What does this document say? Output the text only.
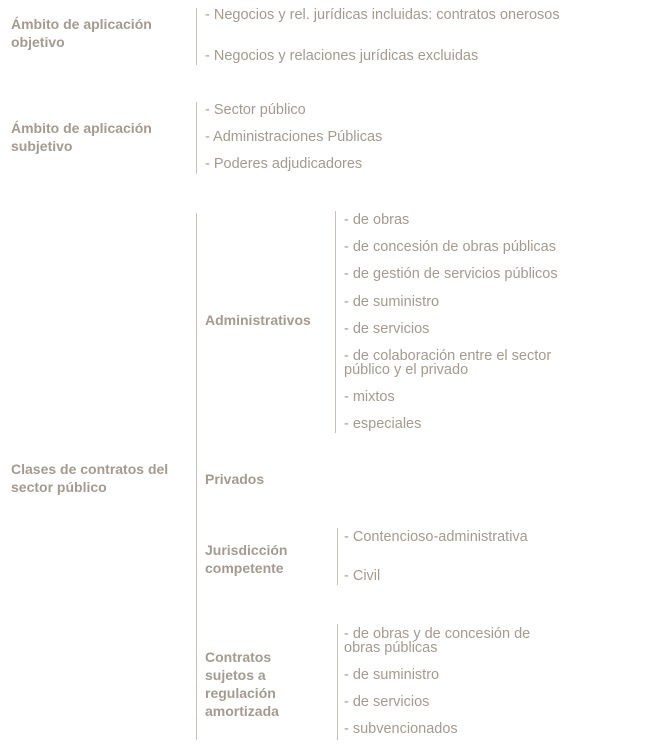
Ámbito de aplicación
objetivo
- Negocios y rel. jurídicas incluidas: contratos onerosos
- Negocios y relaciones jurídicas excluidas
Ámbito de aplicación
subjetivo
- Sector público
- Administraciones Públicas
- Poderes adjudicadores
Clases de contratos del
sector público
Administrativos
- de obras
- de concesión de obras públicas
- de gestión de servicios públicos
- de suministro
- de servicios
- de colaboración entre el sector
público y el privado
- mixtos
- especiales
Privados
Jurisdicción
competente
- Contencioso-administrativa
- Civil
Contratos
sujetos a
regulación
amortizada
- de obras y de concesión de
obras públicas
- de suministro
- de servicios
- subvencionados
